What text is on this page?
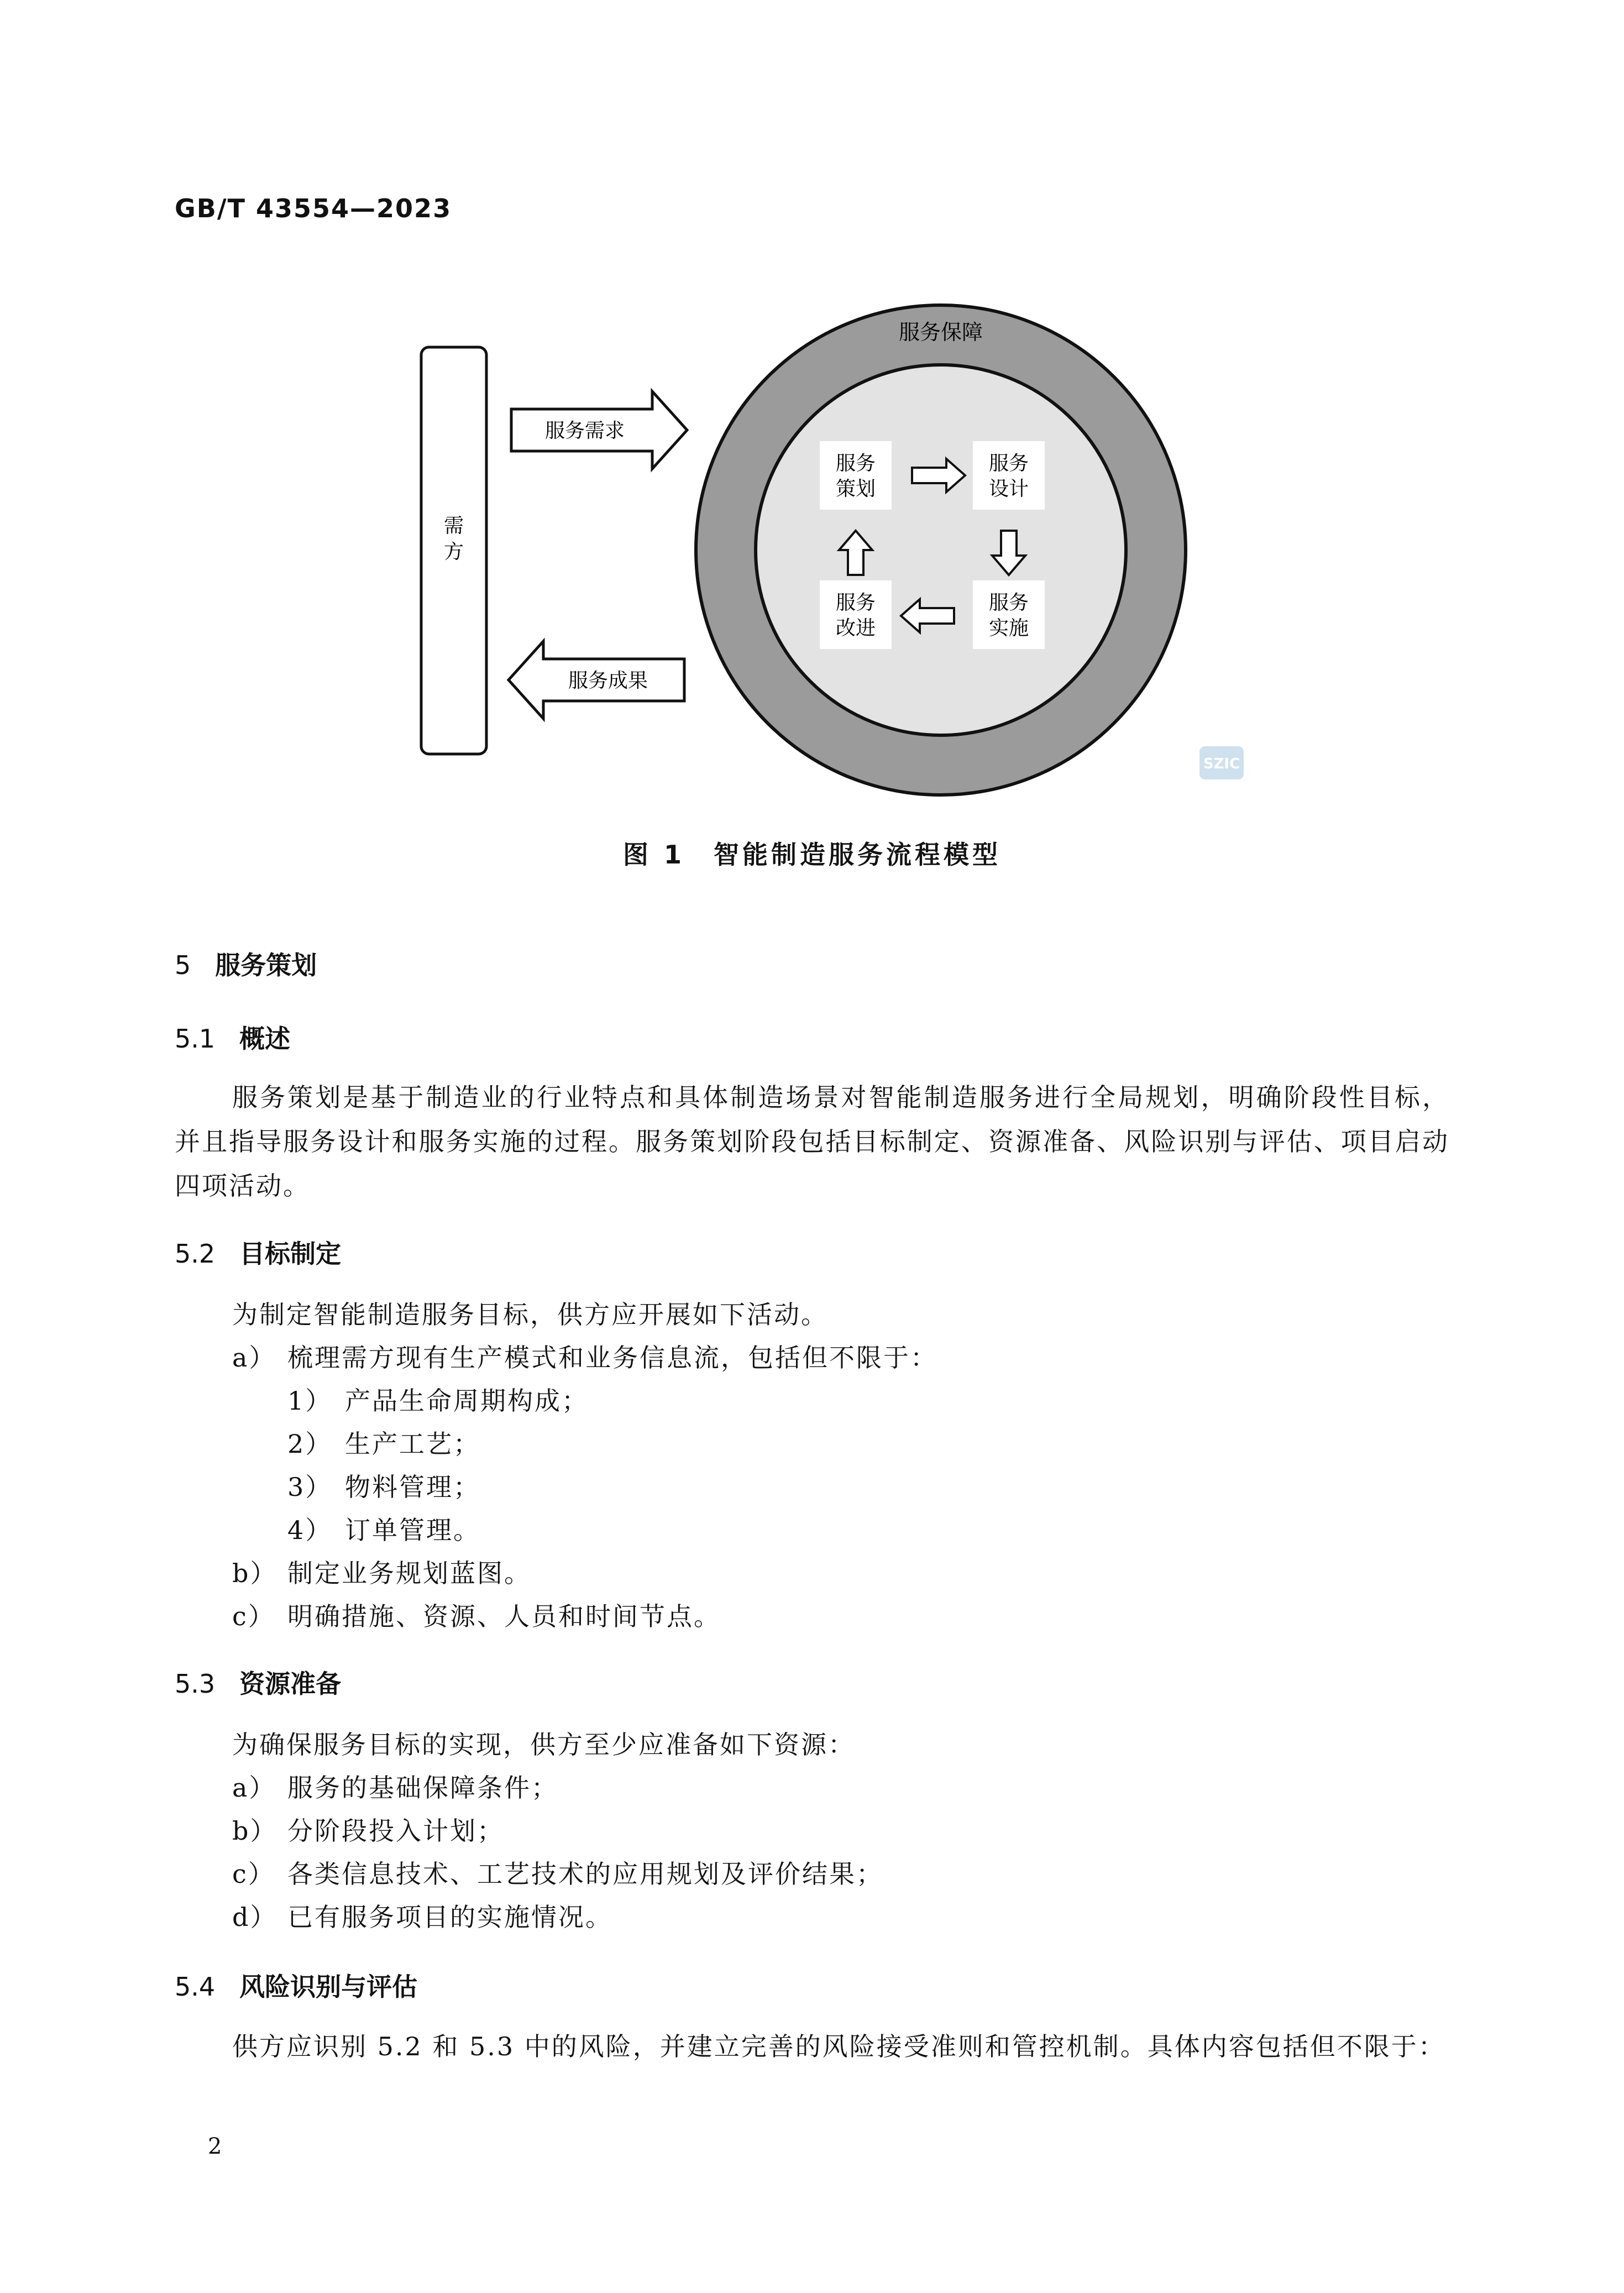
GB/T 43554—2023
需
方
服务需求
服务成果
服务保障
服务
策划
服务
设计
服务
实施
服务
改进
SZIC
图 1　智能制造服务流程模型
5 服务策划
5.1 概述
服务策划是基于制造业的行业特点和具体制造场景对智能制造服务进行全局规划，明确阶段性目标，并且指导服务设计和服务实施的过程。服务策划阶段包括目标制定、资源准备、风险识别与评估、项目启动四项活动。
5.2 目标制定
为制定智能制造服务目标，供方应开展如下活动。
a） 梳理需方现有生产模式和业务信息流，包括但不限于：
1） 产品生命周期构成；
2） 生产工艺；
3） 物料管理；
4） 订单管理。
b） 制定业务规划蓝图。
c） 明确措施、资源、人员和时间节点。
5.3 资源准备
为确保服务目标的实现，供方至少应准备如下资源：
a） 服务的基础保障条件；
b） 分阶段投入计划；
c） 各类信息技术、工艺技术的应用规划及评价结果；
d） 已有服务项目的实施情况。
5.4 风险识别与评估
供方应识别 5.2 和 5.3 中的风险，并建立完善的风险接受准则和管控机制。具体内容包括但不限于：
2
